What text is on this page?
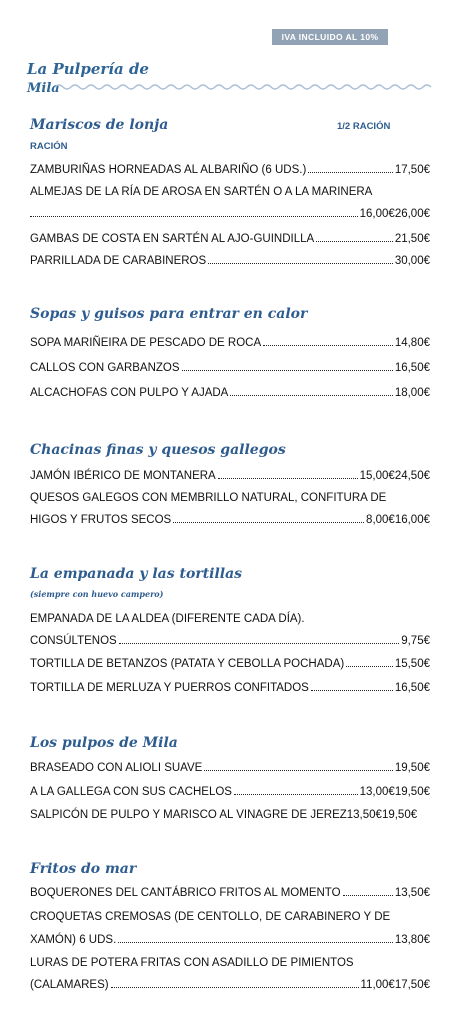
IVA INCLUIDO AL 10%
La Pulpería de
Mila
Mariscos de lonja	1/2 RACIÓN
RACIÓN
ZAMBURIÑAS HORNEADAS AL ALBARIÑO (6 UDS.)	17,50€
ALMEJAS DE LA RÍA DE AROSA EN SARTÉN O A LA MARINERA
16,00€26,00€
GAMBAS DE COSTA EN SARTÉN AL AJO-GUINDILLA	21,50€
PARRILLADA DE CARABINEROS	30,00€
Sopas y guisos para entrar en calor
SOPA MARIÑEIRA DE PESCADO DE ROCA	14,80€
CALLOS CON GARBANZOS	16,50€
ALCACHOFAS CON PULPO Y AJADA	18,00€
Chacinas finas y quesos gallegos
JAMÓN IBÉRICO DE MONTANERA	15,00€24,50€
QUESOS GALEGOS CON MEMBRILLO NATURAL, CONFITURA DE
HIGOS Y FRUTOS SECOS	8,00€16,00€
La empanada y las tortillas
(siempre con huevo campero)
EMPANADA DE LA ALDEA (DIFERENTE CADA DÍA).
CONSÚLTENOS	9,75€
TORTILLA DE BETANZOS (PATATA Y CEBOLLA POCHADA)	15,50€
TORTILLA DE MERLUZA Y PUERROS CONFITADOS	16,50€
Los pulpos de Mila
BRASEADO CON ALIOLI SUAVE	19,50€
A LA GALLEGA CON SUS CACHELOS	13,00€19,50€
SALPICÓN DE PULPO Y MARISCO AL VINAGRE DE JEREZ13,50€19,50€
Fritos do mar
BOQUERONES DEL CANTÁBRICO FRITOS AL MOMENTO	13,50€
CROQUETAS CREMOSAS (DE CENTOLLO, DE CARABINERO Y DE
XAMÓN) 6 UDS.	13,80€
LURAS DE POTERA FRITAS CON ASADILLO DE PIMIENTOS
(CALAMARES)	11,00€17,50€
